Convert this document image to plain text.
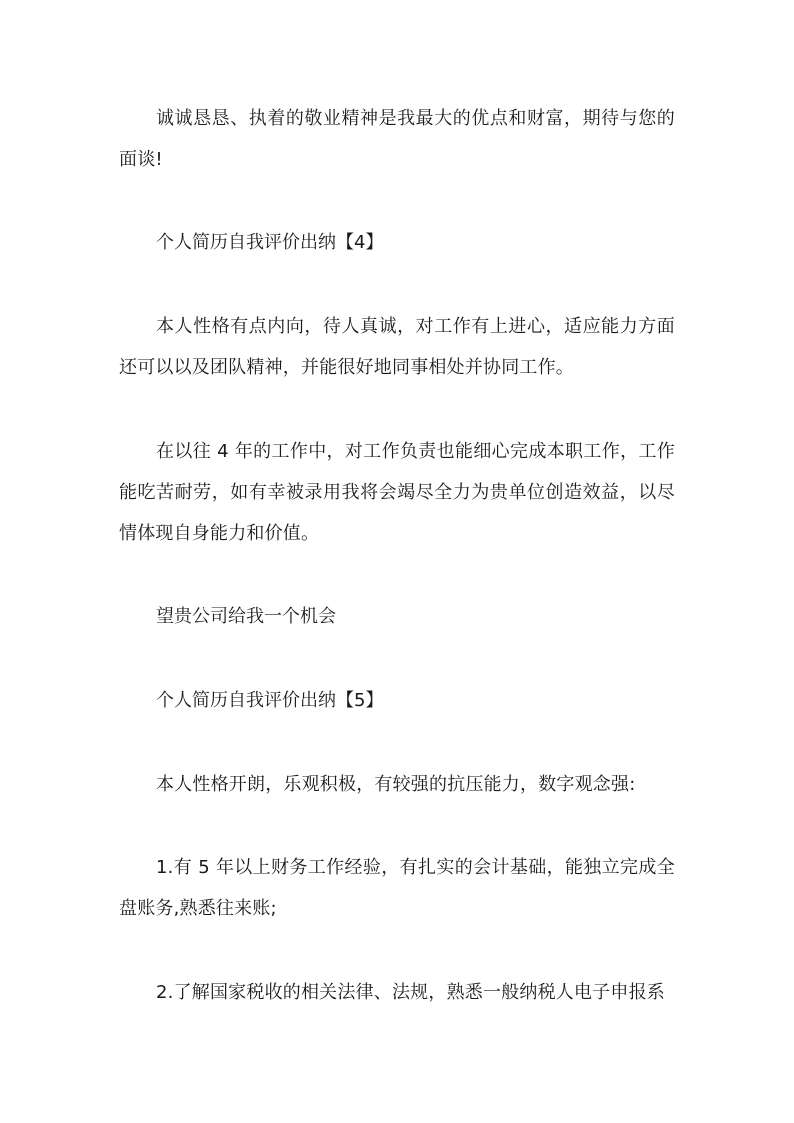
诚诚恳恳、执着的敬业精神是我最大的优点和财富，期待与您的面谈!

个人简历自我评价出纳【4】

本人性格有点内向，待人真诚，对工作有上进心，适应能力方面还可以以及团队精神，并能很好地同事相处并协同工作。

在以往 4 年的工作中，对工作负责也能细心完成本职工作，工作能吃苦耐劳，如有幸被录用我将会竭尽全力为贵单位创造效益，以尽情体现自身能力和价值。

望贵公司给我一个机会

个人简历自我评价出纳【5】

本人性格开朗，乐观积极，有较强的抗压能力，数字观念强:

1.有 5 年以上财务工作经验，有扎实的会计基础，能独立完成全盘账务,熟悉往来账;

2.了解国家税收的相关法律、法规，熟悉一般纳税人电子申报系
